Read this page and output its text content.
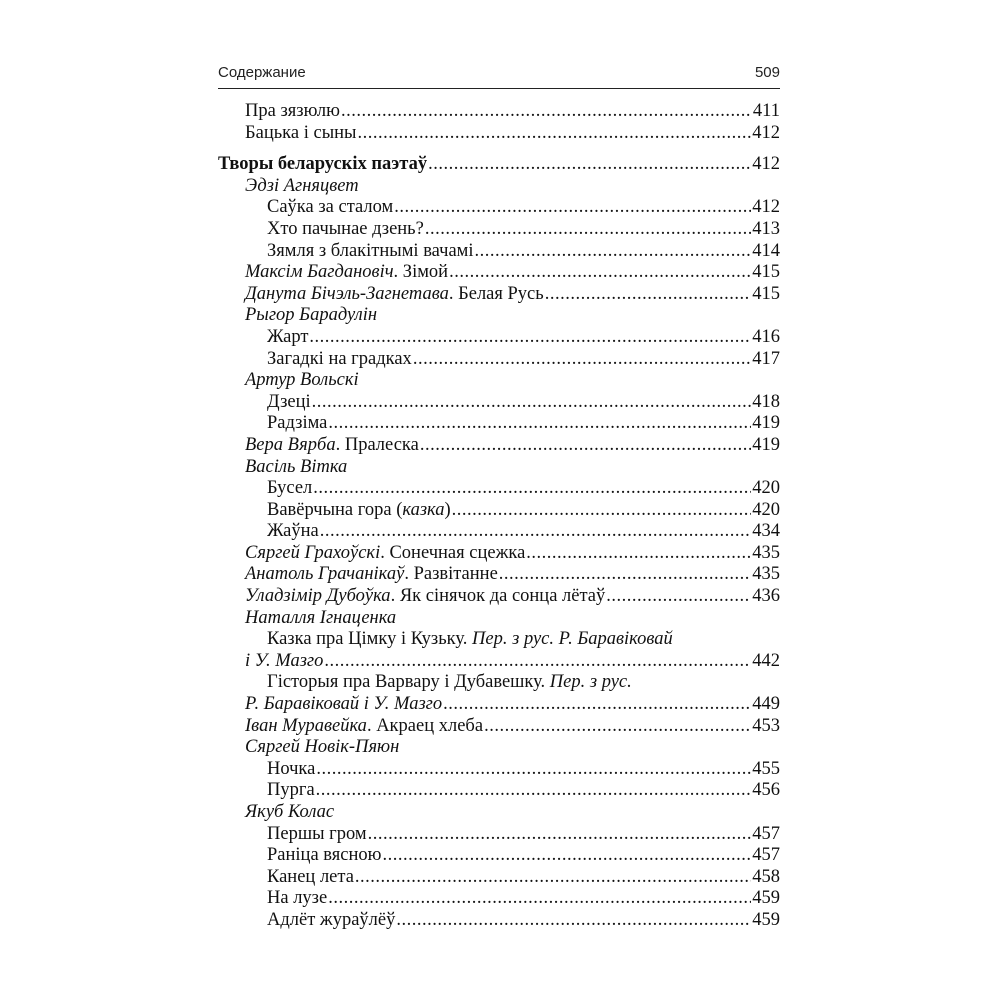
Содержание	509
Пра зязюлю .....	411
Бацька і сыны .....	412
Творы беларускіх паэтаў .....	412
Эдзі Агняцвет
Саўка за сталом .....	412
Хто пачынае дзень? .....	413
Зямля з блакітнымі вачамі .....	414
Максім Багдановіч. Зімой .....	415
Данута Бічэль-Загнетава. Белая Русь .....	415
Рыгор Барадулін
Жарт .....	416
Загадкі на градках .....	417
Артур Вольскі
Дзеці .....	418
Радзіма .....	419
Вера Вярба. Пралеска .....	419
Васіль Вітка
Бусел .....	420
Вавёрчына гора (казка) .....	420
Жаўна .....	434
Сяргей Грахоўскі. Сонечная сцежка .....	435
Анатоль Грачанікаў. Развітанне .....	435
Уладзімір Дубоўка. Як сінячок да сонца лётаў .....	436
Наталля Ігнаценка
Казка пра Цімку і Кузьку. Пер. з рус. Р. Баравіковай
і У. Мазго .....	442
Гісторыя пра Варвару і Дубавешку. Пер. з рус.
Р. Баравіковай і У. Мазго .....	449
Іван Муравейка. Акраец хлеба .....	453
Сяргей Новік-Пяюн
Ночка .....	455
Пурга .....	456
Якуб Колас
Першы гром .....	457
Раніца вясною .....	457
Канец лета .....	458
На лузе .....	459
Адлёт жураўлёў .....	459
